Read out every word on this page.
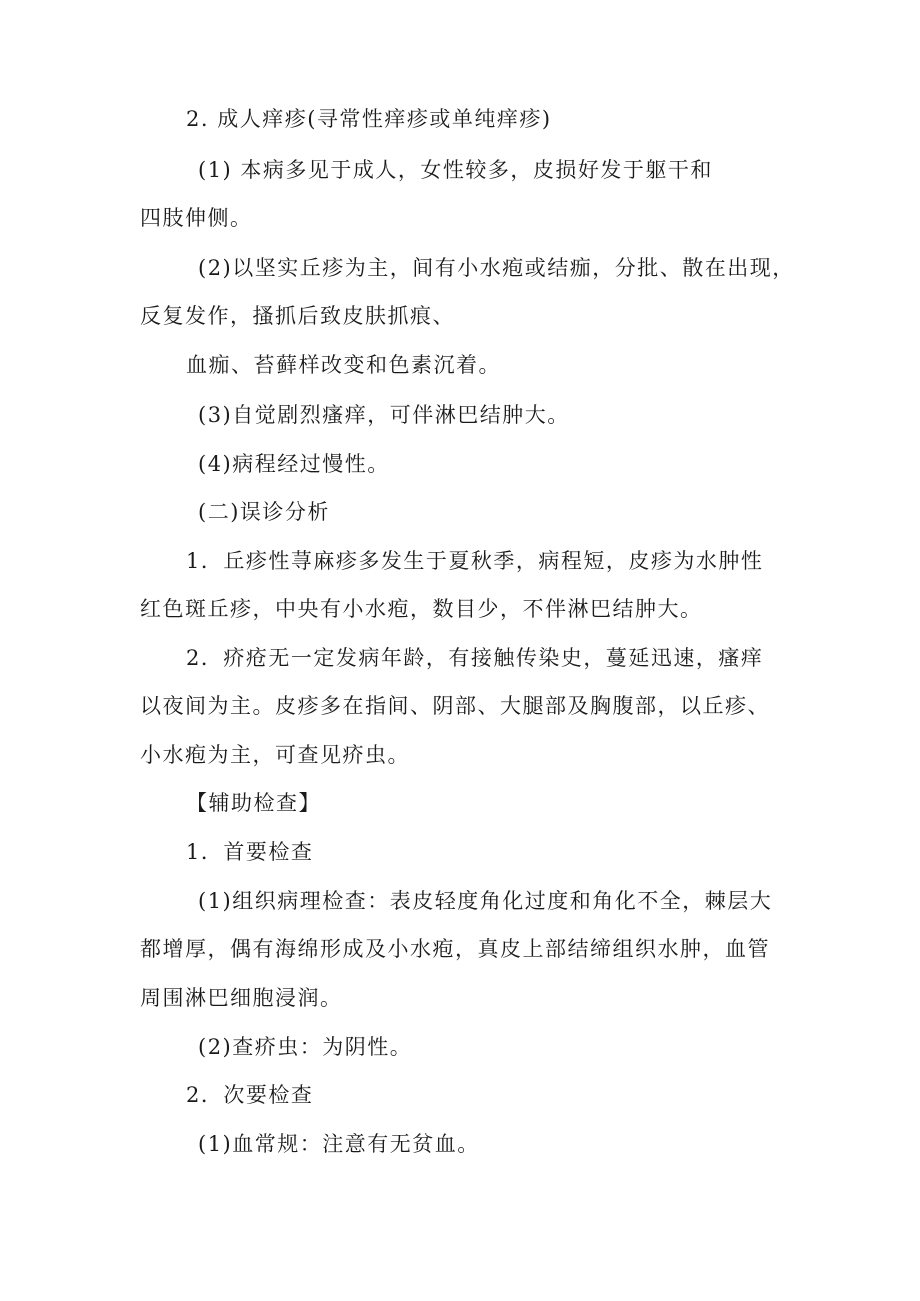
2. 成人痒疹(寻常性痒疹或单纯痒疹)
(1) 本病多见于成人，女性较多，皮损好发于躯干和
四肢伸侧。
(2)以坚实丘疹为主，间有小水疱或结痂，分批、散在出现，
反复发作，搔抓后致皮肤抓痕、
血痂、苔藓样改变和色素沉着。
(3)自觉剧烈瘙痒，可伴淋巴结肿大。
(4)病程经过慢性。
(二)误诊分析
1．丘疹性荨麻疹多发生于夏秋季，病程短，皮疹为水肿性
红色斑丘疹，中央有小水疱，数目少，不伴淋巴结肿大。
2．疥疮无一定发病年龄，有接触传染史，蔓延迅速，瘙痒
以夜间为主。皮疹多在指间、阴部、大腿部及胸腹部，以丘疹、
小水疱为主，可查见疥虫。
【辅助检查】
1．首要检查
(1)组织病理检查：表皮轻度角化过度和角化不全，棘层大
都增厚，偶有海绵形成及小水疱，真皮上部结缔组织水肿，血管
周围淋巴细胞浸润。
(2)查疥虫：为阴性。
2．次要检查
(1)血常规：注意有无贫血。
